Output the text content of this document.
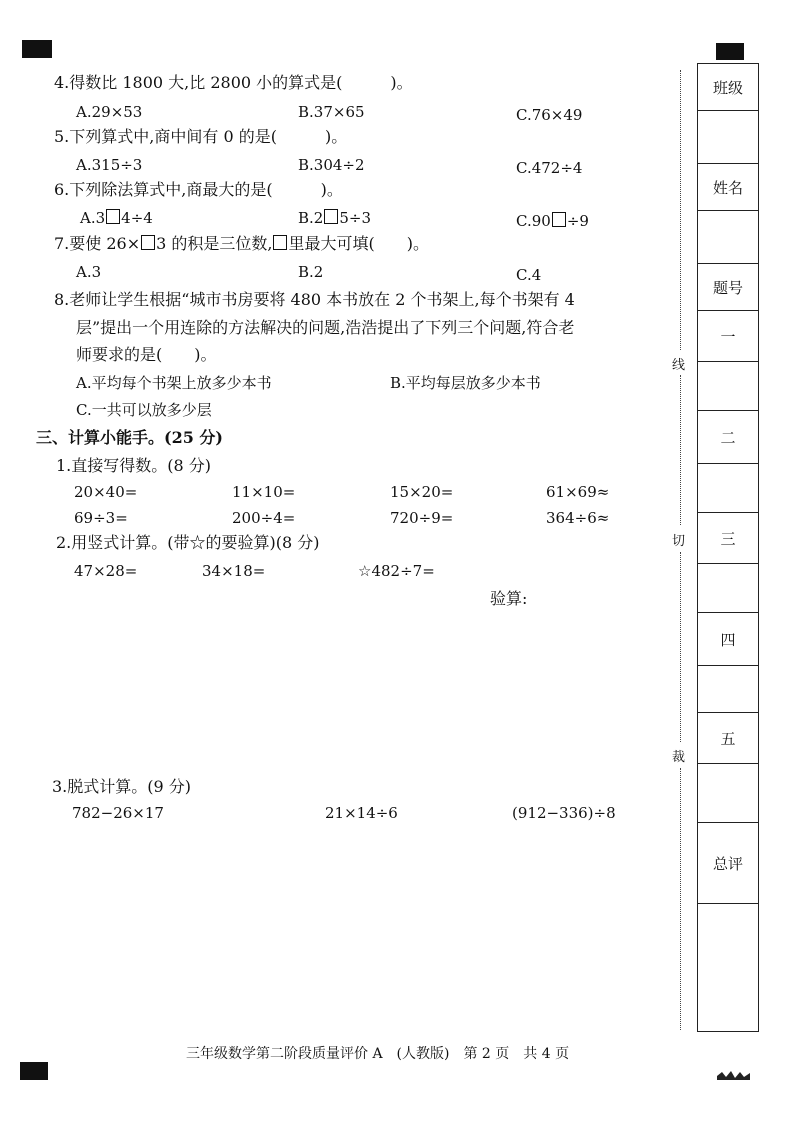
4.得数比 1800 大,比 2800 小的算式是(　　　)。
A.29×53	B.37×65	C.76×49
5.下列算式中,商中间有 0 的是(　　　)。
A.315÷3	B.304÷2	C.472÷4
6.下列除法算式中,商最大的是(　　　)。
A.3 4÷4	B.2 5÷3	C.90 ÷9
7.要使 26× 3 的积是三位数, 里最大可填(　　)。
A.3	B.2	C.4
8.老师让学生根据“城市书房要将 480 本书放在 2 个书架上,每个书架有 4
层”提出一个用连除的方法解决的问题,浩浩提出了下列三个问题,符合老
师要求的是(　　)。
A.平均每个书架上放多少本书	B.平均每层放多少本书
C.一共可以放多少层
三、计算小能手。(25 分)
1.直接写得数。(8 分)
20×40=	11×10=	15×20=	61×69≈
69÷3=	200÷4=	720÷9=	364÷6≈
2.用竖式计算。(带☆的要验算)(8 分)
47×28=	34×18=	☆482÷7=
验算:
3.脱式计算。(9 分)
782−26×17	21×14÷6	(912−336)÷8
线
切
裁
班级
姓名
题号
一
二
三
四
五
总评
三年级数学第二阶段质量评价 A　(人教版)　第 2 页　共 4 页
